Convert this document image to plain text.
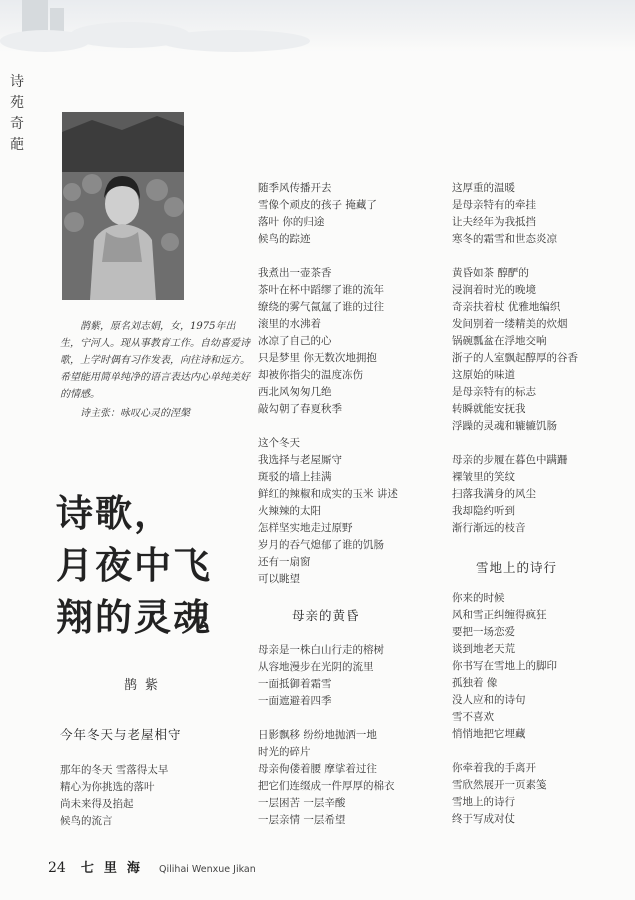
诗
苑
奇
葩

鹊紫，原名刘志娟，女，1975年出生，宁河人。现从事教育工作。自幼喜爱诗歌，上学时偶有习作发表，向往诗和远方。希望能用简单纯净的语言表达内心单纯美好的情感。

诗主张：咏叹心灵的涅槃

诗歌，
月夜中飞
翔的灵魂
鹊紫
今年冬天与老屋相守
那年的冬天 雪落得太早
精心为你挑选的落叶
尚未来得及掐起
候鸟的流言
随季风传播开去
雪像个顽皮的孩子 掩藏了
落叶 你的归途
候鸟的踪迹
我煮出一壶茶香
茶叶在杯中蹈缪了谁的流年
缭绕的雾气氤氲了谁的过往
滚里的水沸着
冰凉了自己的心
只是梦里 你无数次地拥抱
却被你指尖的温度冻伤
西北风匆匆几绝
敲勾朝了春夏秋季
这个冬天
我选择与老屋厮守
斑驳的墙上挂满
鲜红的辣椒和成实的玉米 讲述
火辣辣的太阳
怎样坚实地走过原野
岁月的吞气熄郁了谁的饥肠
还有一扇窗
可以眺望
母亲的黄昏
母亲是一株白山行走的榕树
从容地漫步在光阴的流里
一面抵御着霜雪
一面遮避着四季
日影飘移 纷纷地抛洒一地
时光的碎片
母亲佝偻着腰 摩挲着过往
把它们连缀成一件厚厚的棉衣
一层困苦 一层辛酸
一层亲情 一层希望
这厚重的温暖
是母亲特有的牵挂
让夫经年为我抵挡
寒冬的霜雪和世态炎凉
黄昏如茶 醇酽的
浸润着时光的晚境
奇亲扶着杖 优雅地编织
发间别着一缕精美的炊烟
锅碗瓢盆在浮地交响
浙子的人室飘起醇厚的谷香
这原始的味道
是母亲特有的标志
转瞬就能安抚我
浮躁的灵魂和辘辘饥肠
母亲的步履在暮色中蹒跚
裸皱里的笑纹
扫落我满身的风尘
我却隐约听到
渐行渐远的枝音
雪地上的诗行
你来的时候
风和雪正纠缠得疯狂
要把一场恋爱
谈到地老天荒
你书写在雪地上的脚印
孤独着 像
没人应和的诗句
雪不喜欢
悄悄地把它埋藏
你牵着我的手离开
雪欣然展开一页素笺
雪地上的诗行
终于写成对仗
24 七里海 Qilihai Wenxue Jikan
